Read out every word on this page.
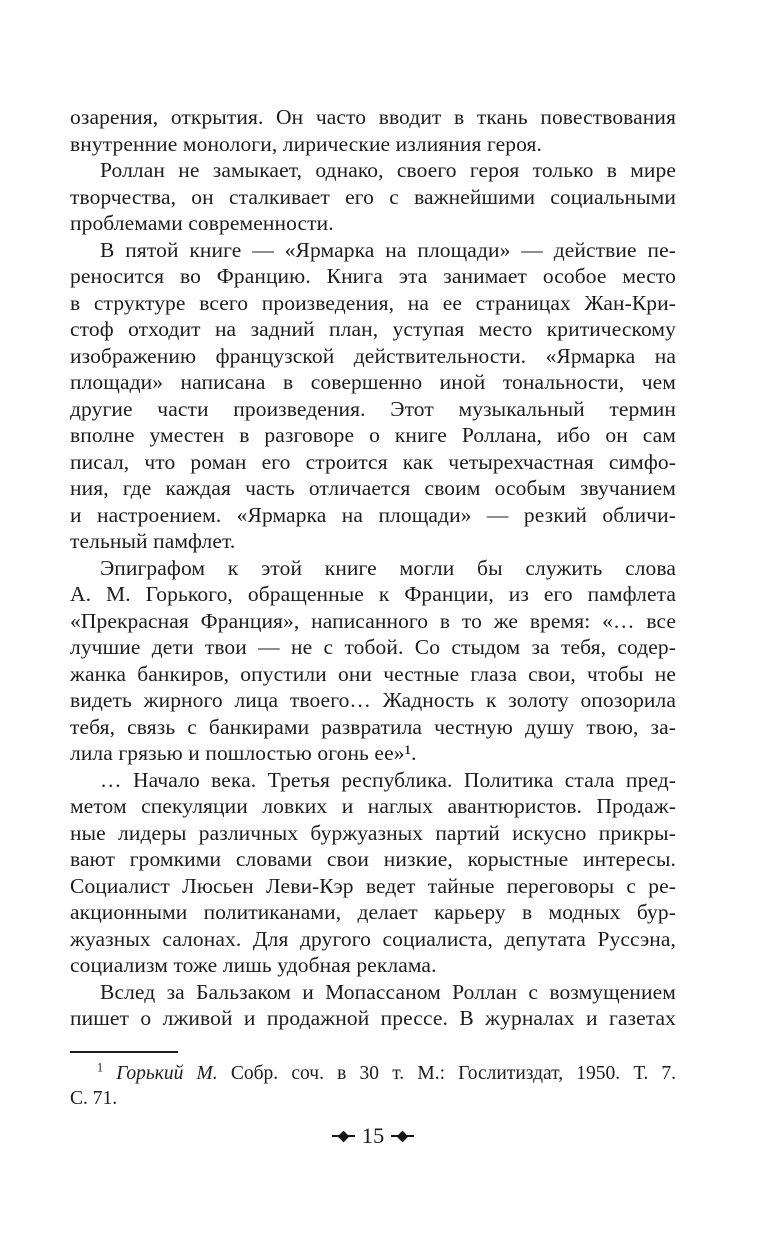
озарения, открытия. Он часто вводит в ткань повествования
внутренние монологи, лирические излияния героя.
Роллан не замыкает, однако, своего героя только в мире
творчества, он сталкивает его с важнейшими социальными
проблемами современности.
В пятой книге — «Ярмарка на площади» — действие пе-
реносится во Францию. Книга эта занимает особое место
в структуре всего произведения, на ее страницах Жан-Кри-
стоф отходит на задний план, уступая место критическому
изображению французской действительности. «Ярмарка на
площади» написана в совершенно иной тональности, чем
другие части произведения. Этот музыкальный термин
вполне уместен в разговоре о книге Роллана, ибо он сам
писал, что роман его строится как четырехчастная симфо-
ния, где каждая часть отличается своим особым звучанием
и настроением. «Ярмарка на площади» — резкий обличи-
тельный памфлет.
Эпиграфом к этой книге могли бы служить слова
А. М. Горького, обращенные к Франции, из его памфлета
«Прекрасная Франция», написанного в то же время: «… все
лучшие дети твои — не с тобой. Со стыдом за тебя, содер-
жанка банкиров, опустили они честные глаза свои, чтобы не
видеть жирного лица твоего… Жадность к золоту опозорила
тебя, связь с банкирами развратила честную душу твою, за-
лила грязью и пошлостью огонь ее»¹.
… Начало века. Третья республика. Политика стала пред-
метом спекуляции ловких и наглых авантюристов. Продаж-
ные лидеры различных буржуазных партий искусно прикры-
вают громкими словами свои низкие, корыстные интересы.
Социалист Люсьен Леви-Кэр ведет тайные переговоры с ре-
акционными политиканами, делает карьеру в модных бур-
жуазных салонах. Для другого социалиста, депутата Руссэна,
социализм тоже лишь удобная реклама.
Вслед за Бальзаком и Мопассаном Роллан с возмущением
пишет о лживой и продажной прессе. В журналах и газетах
$^1$ Горький М. Собр. соч. в 30 т. М.: Гослитиздат, 1950. Т. 7.
С. 71.
15
